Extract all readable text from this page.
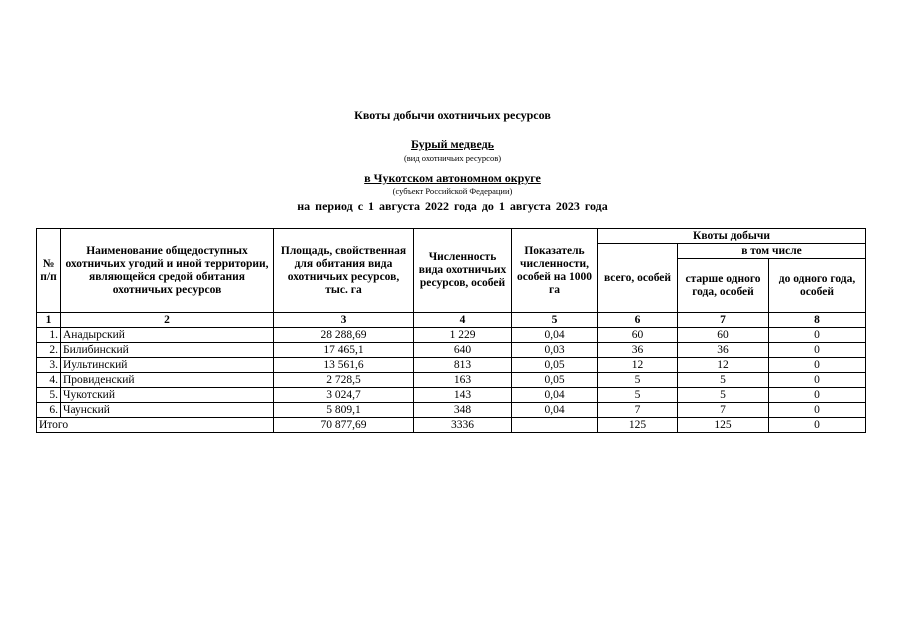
Квоты добычи охотничьих ресурсов
Бурый медведь
(вид охотничьих ресурсов)
в Чукотском автономном округе
(субъект Российской Федерации)
на период с 1 августа 2022 года до 1 августа 2023 года
№ п/п	Наименование общедоступных охотничьих угодий и иной территории, являющейся средой обитания охотничьих ресурсов	Площадь, свойственная для обитания вида охотничьих ресурсов, тыс. га	Численность вида охотничьих ресурсов, особей	Показатель численности, особей на 1000 га	Квоты добычи		
					всего, особей	в том числе	
						старше одного года, особей	до одного года, особей
1	2	3	4	5	6	7	8
1.	Анадырский	28 288,69	1 229	0,04	60	60	0
2.	Билибинский	17 465,1	640	0,03	36	36	0
3.	Иультинский	13 561,6	813	0,05	12	12	0
4.	Провиденский	2 728,5	163	0,05	5	5	0
5.	Чукотский	3 024,7	143	0,04	5	5	0
6.	Чаунский	5 809,1	348	0,04	7	7	0
Итого		70 877,69	3336		125	125	0
